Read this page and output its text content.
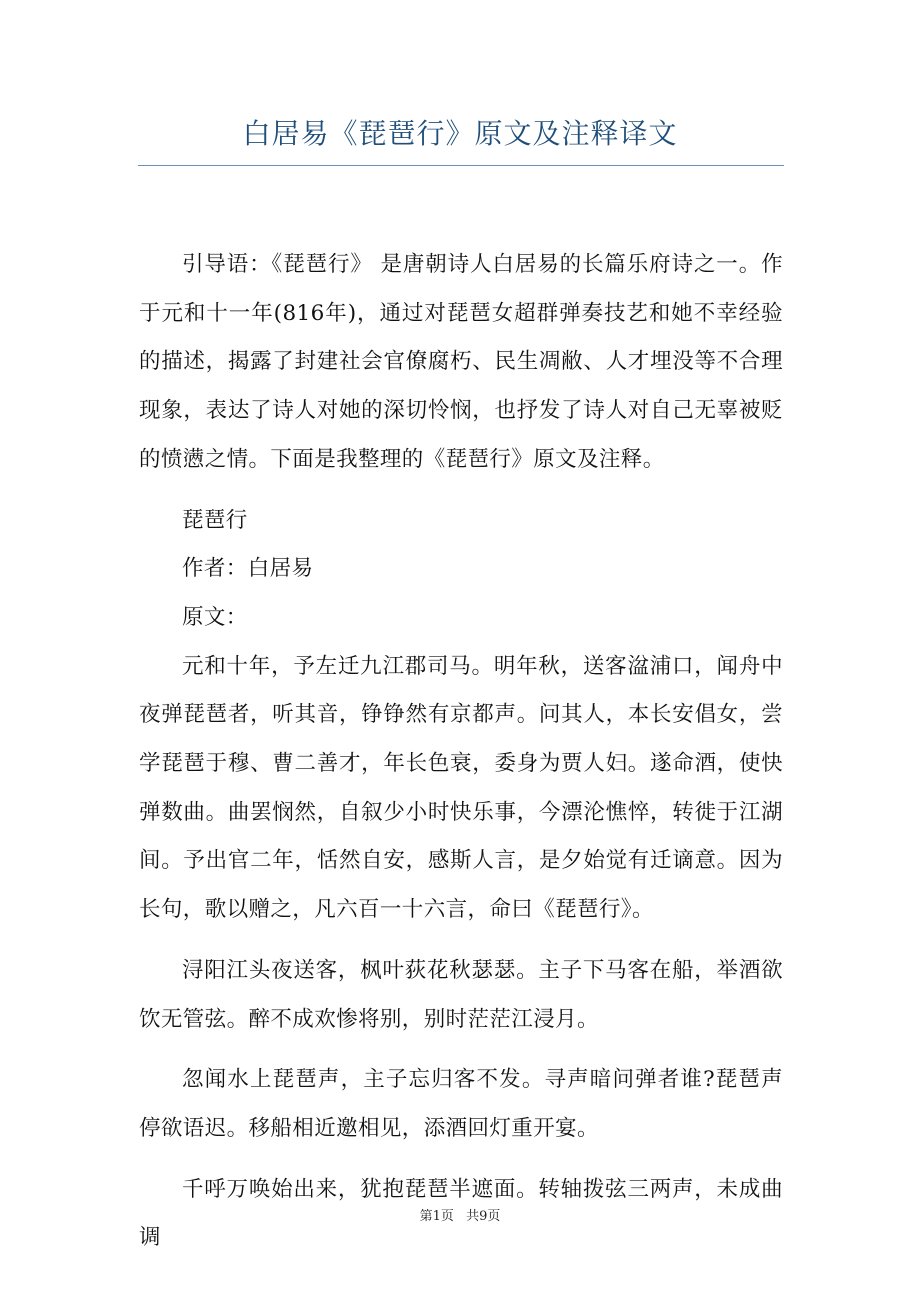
白居易《琵琶行》原文及注释译文

引导语：《琵琶行》 是唐朝诗人白居易的长篇乐府诗之一。作于元和十一年(816年)，通过对琵琶女超群弹奏技艺和她不幸经验的描述，揭露了封建社会官僚腐朽、民生凋敝、人才埋没等不合理现象，表达了诗人对她的深切怜悯，也抒发了诗人对自己无辜被贬的愤懑之情。下面是我整理的《琵琶行》原文及注释。

琵琶行

作者：白居易

原文：

元和十年，予左迁九江郡司马。明年秋，送客湓浦口，闻舟中夜弹琵琶者，听其音，铮铮然有京都声。问其人，本长安倡女，尝学琵琶于穆、曹二善才，年长色衰，委身为贾人妇。遂命酒，使快弹数曲。曲罢悯然，自叙少小时快乐事，今漂沦憔悴，转徙于江湖间。予出官二年，恬然自安，感斯人言，是夕始觉有迁谪意。因为长句，歌以赠之，凡六百一十六言，命曰《琵琶行》。

浔阳江头夜送客，枫叶荻花秋瑟瑟。主子下马客在船，举酒欲饮无管弦。醉不成欢惨将别，别时茫茫江浸月。

忽闻水上琵琶声，主子忘归客不发。寻声暗问弹者谁?琵琶声停欲语迟。移船相近邀相见，添酒回灯重开宴。

千呼万唤始出来，犹抱琵琶半遮面。转轴拨弦三两声，未成曲调

第1页 共9页
